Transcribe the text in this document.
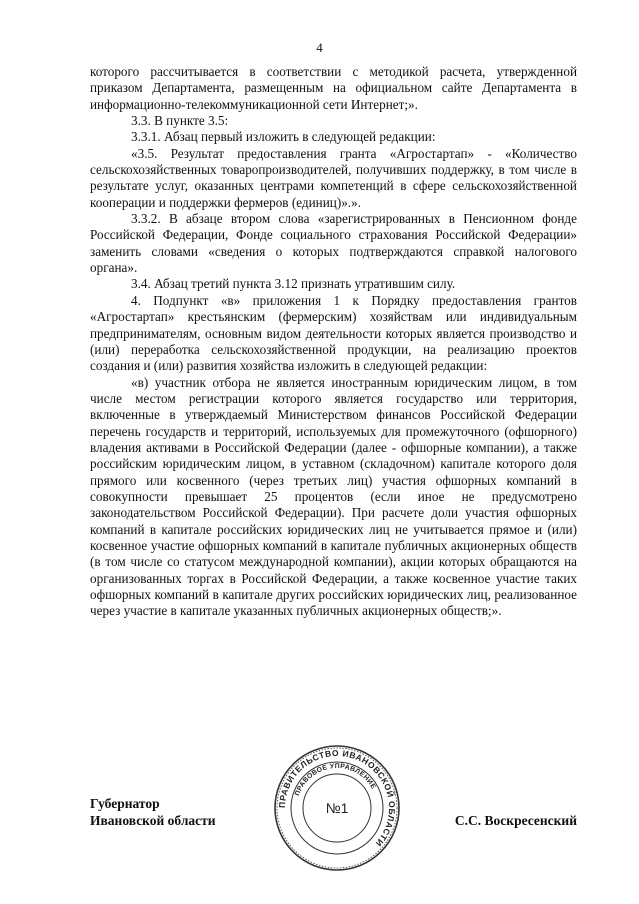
4

которого рассчитывается в соответствии с методикой расчета, утвержденной приказом Департамента, размещенным на официальном сайте Департамента в информационно-телекоммуникационной сети Интернет;».

3.3. В пункте 3.5:

3.3.1. Абзац первый изложить в следующей редакции:

«3.5. Результат предоставления гранта «Агростартап» - «Количество сельскохозяйственных товаропроизводителей, получивших поддержку, в том числе в результате услуг, оказанных центрами компетенций в сфере сельскохозяйственной кооперации и поддержки фермеров (единиц)».».

3.3.2. В абзаце втором слова «зарегистрированных в Пенсионном фонде Российской Федерации, Фонде социального страхования Российской Федерации» заменить словами «сведения о которых подтверждаются справкой налогового органа».

3.4. Абзац третий пункта 3.12 признать утратившим силу.

4. Подпункт «в» приложения 1 к Порядку предоставления грантов «Агростартап» крестьянским (фермерским) хозяйствам или индивидуальным предпринимателям, основным видом деятельности которых является производство и (или) переработка сельскохозяйственной продукции, на реализацию проектов создания и (или) развития хозяйства изложить в следующей редакции:

«в) участник отбора не является иностранным юридическим лицом, в том числе местом регистрации которого является государство или территория, включенные в утверждаемый Министерством финансов Российской Федерации перечень государств и территорий, используемых для промежуточного (офшорного) владения активами в Российской Федерации (далее - офшорные компании), а также российским юридическим лицом, в уставном (складочном) капитале которого доля прямого или косвенного (через третьих лиц) участия офшорных компаний в совокупности превышает 25 процентов (если иное не предусмотрено законодательством Российской Федерации). При расчете доли участия офшорных компаний в капитале российских юридических лиц не учитывается прямое и (или) косвенное участие офшорных компаний в капитале публичных акционерных обществ (в том числе со статусом международной компании), акции которых обращаются на организованных торгах в Российской Федерации, а также косвенное участие таких офшорных компаний в капитале других российских юридических лиц, реализованное через участие в капитале указанных публичных акционерных обществ;».

Губернатор
Ивановской области
ПРАВИТЕЛЬСТВО ИВАНОВСКОЙ ОБЛАСТИ
ПРАВОВОЕ УПРАВЛЕНИЕ
№1
С.С. Воскресенский
